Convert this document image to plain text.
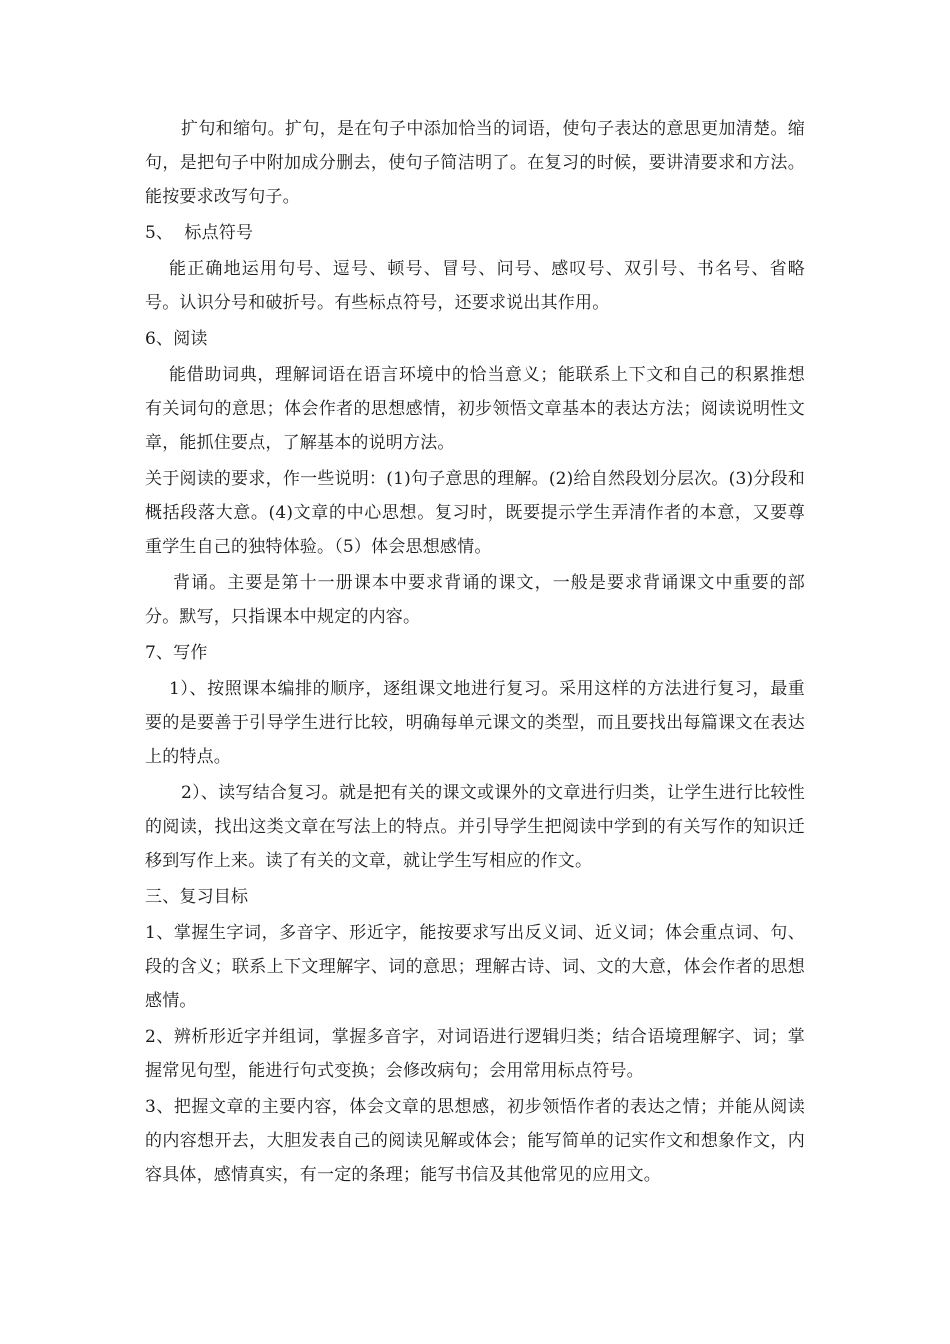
扩句和缩句。扩句，是在句子中添加恰当的词语，使句子表达的意思更加清楚。缩句，是把句子中附加成分删去，使句子简洁明了。在复习的时候，要讲清要求和方法。能按要求改写句子。

5、  标点符号

能正确地运用句号、逗号、顿号、冒号、问号、感叹号、双引号、书名号、省略号。认识分号和破折号。有些标点符号，还要求说出其作用。

6、阅读

能借助词典，理解词语在语言环境中的恰当意义；能联系上下文和自己的积累推想有关词句的意思；体会作者的思想感情，初步领悟文章基本的表达方法；阅读说明性文章，能抓住要点，了解基本的说明方法。

关于阅读的要求，作一些说明：(1)句子意思的理解。(2)给自然段划分层次。(3)分段和概括段落大意。(4)文章的中心思想。复习时，既要提示学生弄清作者的本意，又要尊重学生自己的独特体验。（5）体会思想感情。

背诵。主要是第十一册课本中要求背诵的课文，一般是要求背诵课文中重要的部分。默写，只指课本中规定的内容。

7、写作

1）、按照课本编排的顺序，逐组课文地进行复习。采用这样的方法进行复习，最重要的是要善于引导学生进行比较，明确每单元课文的类型，而且要找出每篇课文在表达上的特点。

2）、读写结合复习。就是把有关的课文或课外的文章进行归类，让学生进行比较性的阅读，找出这类文章在写法上的特点。并引导学生把阅读中学到的有关写作的知识迁移到写作上来。读了有关的文章，就让学生写相应的作文。

三、复习目标

1、掌握生字词，多音字、形近字，能按要求写出反义词、近义词；体会重点词、句、段的含义；联系上下文理解字、词的意思；理解古诗、词、文的大意，体会作者的思想感情。

2、辨析形近字并组词，掌握多音字，对词语进行逻辑归类；结合语境理解字、词；掌握常见句型，能进行句式变换；会修改病句；会用常用标点符号。

3、把握文章的主要内容，体会文章的思想感，初步领悟作者的表达之情；并能从阅读的内容想开去，大胆发表自己的阅读见解或体会；能写简单的记实作文和想象作文，内容具体，感情真实，有一定的条理；能写书信及其他常见的应用文。
